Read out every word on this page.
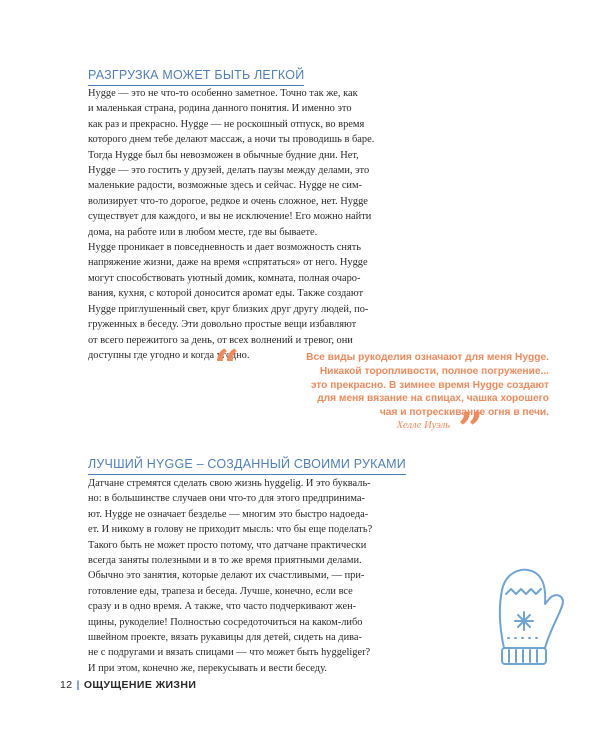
РАЗГРУЗКА МОЖЕТ БЫТЬ ЛЕГКОЙ
Hygge — это не что-то особенно заметное. Точно так же, как
и маленькая страна, родина данного понятия. И именно это
как раз и прекрасно. Hygge — не роскошный отпуск, во время
которого днем тебе делают массаж, а ночи ты проводишь в баре.
Тогда Hygge был бы невозможен в обычные будние дни. Нет,
Hygge — это гостить у друзей, делать паузы между делами, это
маленькие радости, возможные здесь и сейчас. Hygge не сим-
волизирует что-то дорогое, редкое и очень сложное, нет. Hygge
существует для каждого, и вы не исключение! Его можно найти
дома, на работе или в любом месте, где вы бываете.
Hygge проникает в повседневность и дает возможность снять
напряжение жизни, даже на время «спрятаться» от него. Hygge
могут способствовать уютный домик, комната, полная очаро-
вания, кухня, с которой доносится аромат еды. Также создают
Hygge приглушенный свет, круг близких друг другу людей, по-
груженных в беседу. Эти довольно простые вещи избавляют
от всего пережитого за день, от всех волнений и тревог, они
доступны где угодно и когда угодно.
“	Все виды рукоделия означают для меня Hygge.
Никакой торопливости, полное погружение...
это прекрасно. В зимнее время Hygge создают
для меня вязание на спицах, чашка хорошего
чая и потрескивание огня в печи.
Хелле Иуэль ”
ЛУЧШИЙ HYGGE – СОЗДАННЫЙ СВОИМИ РУКАМИ
Датчане стремятся сделать свою жизнь hyggelig. И это букваль-
но: в большинстве случаев они что-то для этого предпринима-
ют. Hygge не означает безделье — многим это быстро надоеда-
ет. И никому в голову не приходит мысль: что бы еще поделать?
Такого быть не может просто потому, что датчане практически
всегда заняты полезными и в то же время приятными делами.
Обычно это занятия, которые делают их счастливыми, — при-
готовление еды, трапеза и беседа. Лучше, конечно, если все
сразу и в одно время. А также, что часто подчеркивают жен-
щины, рукоделие! Полностью сосредоточиться на каком-либо
швейном проекте, вязать рукавицы для детей, сидеть на дива-
не с подругами и вязать спицами — что может быть hyggeliger?
И при этом, конечно же, перекусывать и вести беседу.
12 | ОЩУЩЕНИЕ ЖИЗНИ
